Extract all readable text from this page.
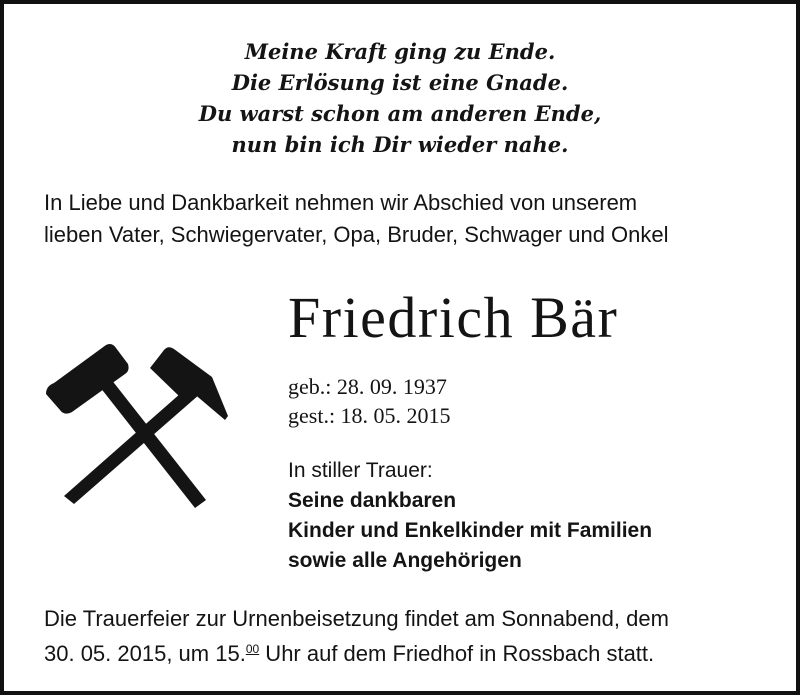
Meine Kraft ging zu Ende.
Die Erlösung ist eine Gnade.
Du warst schon am anderen Ende,
nun bin ich Dir wieder nahe.
In Liebe und Dankbarkeit nehmen wir Abschied von unserem
lieben Vater, Schwiegervater, Opa, Bruder, Schwager und Onkel
Friedrich Bär
geb.: 28. 09. 1937
gest.: 18. 05. 2015
In stiller Trauer:
Seine dankbaren
Kinder und Enkelkinder mit Familien
sowie alle Angehörigen
Die Trauerfeier zur Urnenbeisetzung findet am Sonnabend, dem
30. 05. 2015, um 15.00 Uhr auf dem Friedhof in Rossbach statt.
